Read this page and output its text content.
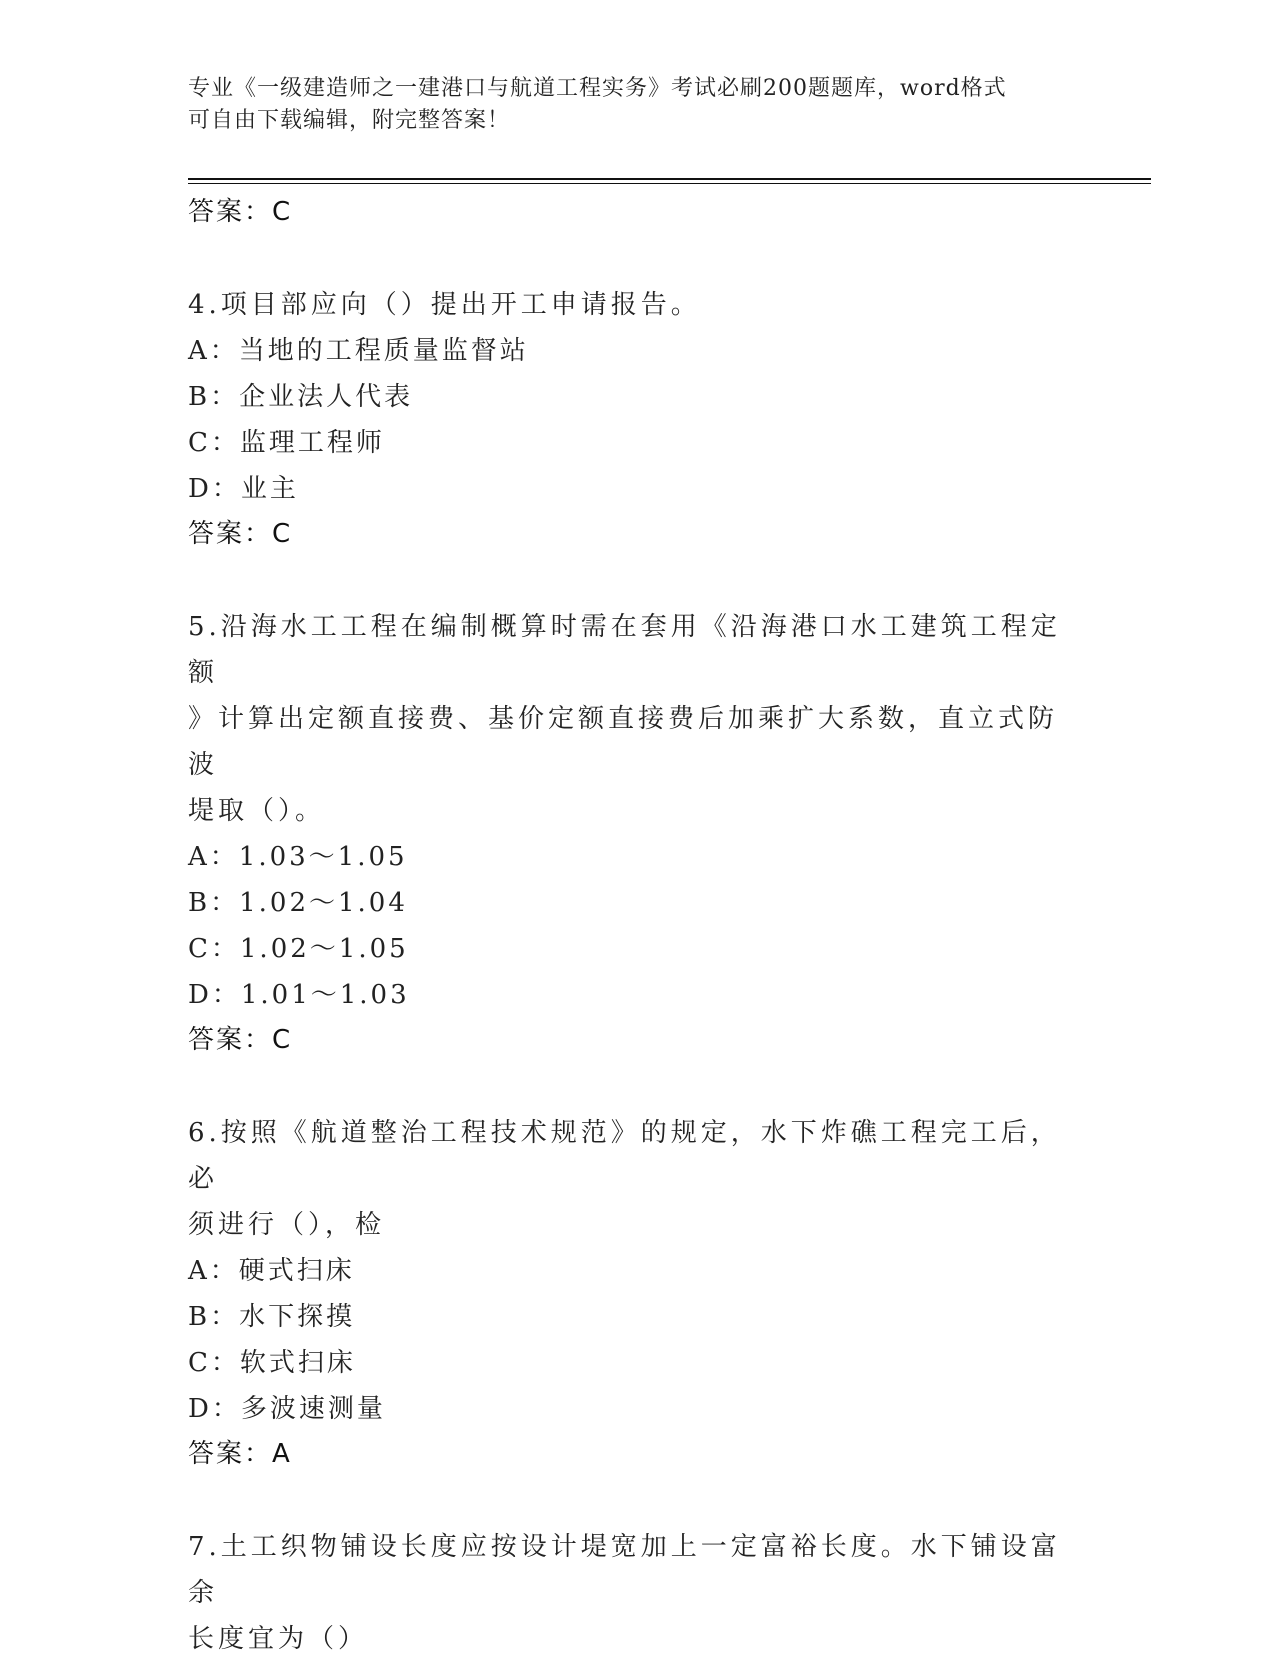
专业《一级建造师之一建港口与航道工程实务》考试必刷200题题库，word格式
可自由下载编辑，附完整答案！
答案：C
4.项目部应向（）提出开工申请报告。
A：当地的工程质量监督站
B：企业法人代表
C：监理工程师
D：业主
答案：C
5.沿海水工工程在编制概算时需在套用《沿海港口水工建筑工程定额
》计算出定额直接费、基价定额直接费后加乘扩大系数，直立式防波
堤取（）。
A：1.03～1.05
B：1.02～1.04
C：1.02～1.05
D：1.01～1.03
答案：C
6.按照《航道整治工程技术规范》的规定，水下炸礁工程完工后，必
须进行（），检
A：硬式扫床
B：水下探摸
C：软式扫床
D：多波速测量
答案：A
7.土工织物铺设长度应按设计堤宽加上一定富裕长度。水下铺设富余
长度宜为（）
